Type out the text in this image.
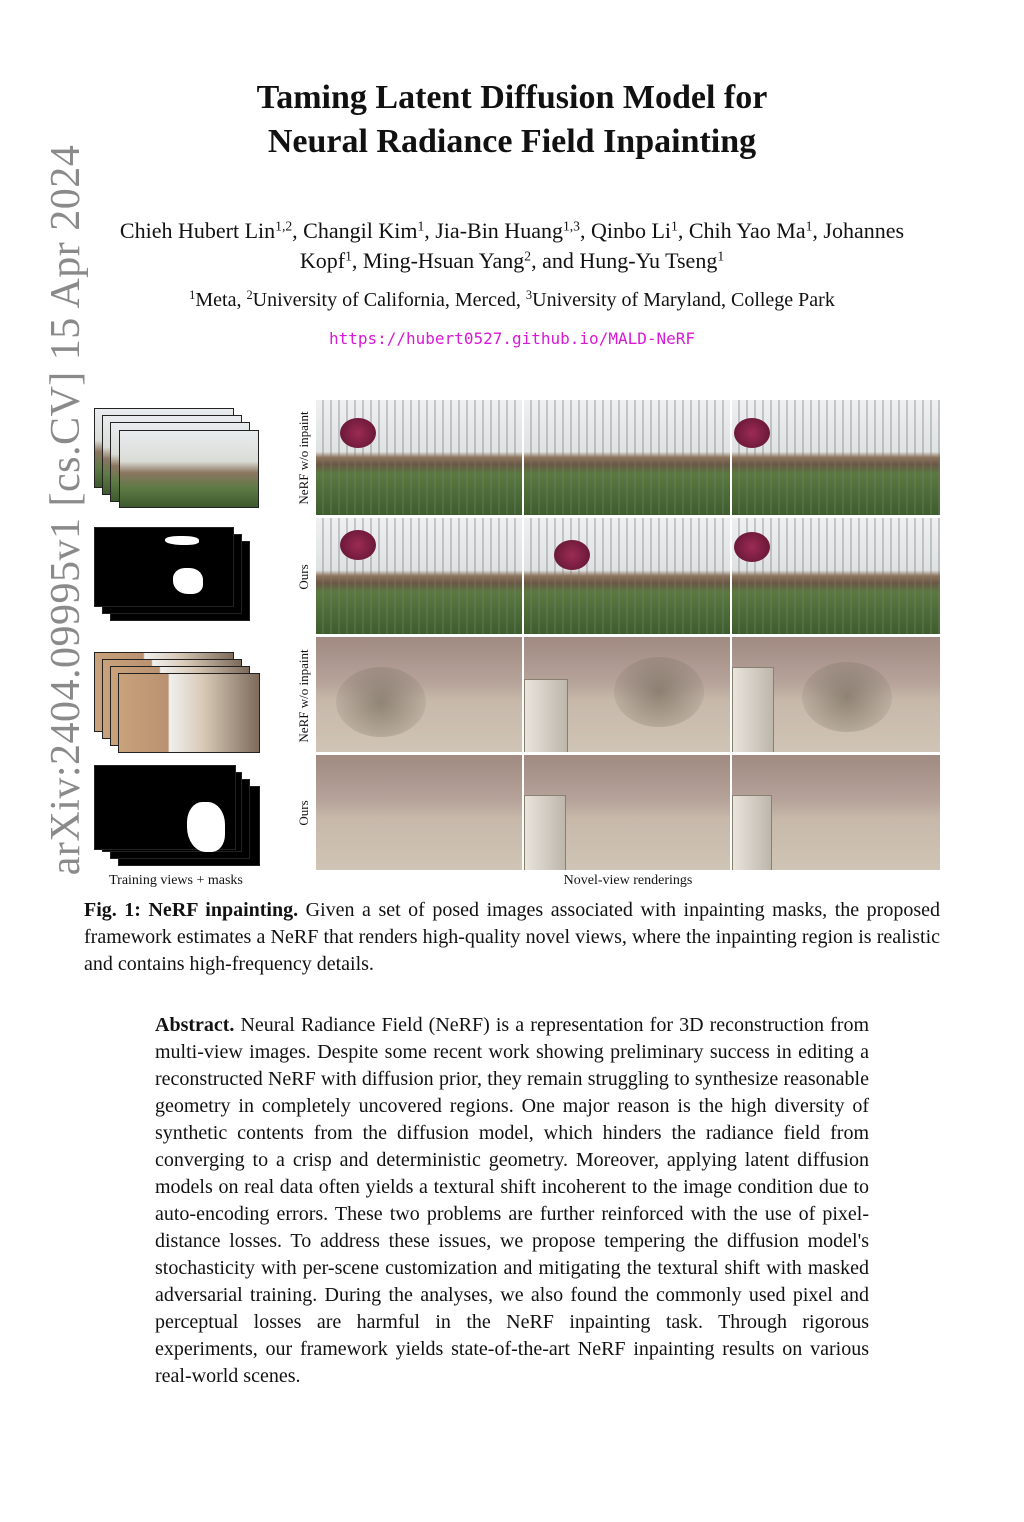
arXiv:2404.09995v1 [cs.CV] 15 Apr 2024
Taming Latent Diffusion Model for
Neural Radiance Field Inpainting
Chieh Hubert Lin$^{1,2}$, Changil Kim$^1$, Jia-Bin Huang$^{1,3}$, Qinbo Li$^1$, Chih Yao Ma$^1$, Johannes Kopf$^1$, Ming-Hsuan Yang$^2$, and Hung-Yu Tseng$^1$
$^1$Meta, $^2$University of California, Merced, $^3$University of Maryland, College Park
https://hubert0527.github.io/MALD-NeRF
Training views + masks
NeRF w/o inpaint
Ours
NeRF w/o inpaint
Ours
Novel-view renderings
Fig. 1: NeRF inpainting. Given a set of posed images associated with inpainting masks, the proposed framework estimates a NeRF that renders high-quality novel views, where the inpainting region is realistic and contains high-frequency details.
Abstract. Neural Radiance Field (NeRF) is a representation for 3D reconstruction from multi-view images. Despite some recent work showing preliminary success in editing a reconstructed NeRF with diffusion prior, they remain struggling to synthesize reasonable geometry in completely uncovered regions. One major reason is the high diversity of synthetic contents from the diffusion model, which hinders the radiance field from converging to a crisp and deterministic geometry. Moreover, applying latent diffusion models on real data often yields a textural shift incoherent to the image condition due to auto-encoding errors. These two problems are further reinforced with the use of pixel-distance losses. To address these issues, we propose tempering the diffusion model's stochasticity with per-scene customization and mitigating the textural shift with masked adversarial training. During the analyses, we also found the commonly used pixel and perceptual losses are harmful in the NeRF inpainting task. Through rigorous experiments, our framework yields state-of-the-art NeRF inpainting results on various real-world scenes.
